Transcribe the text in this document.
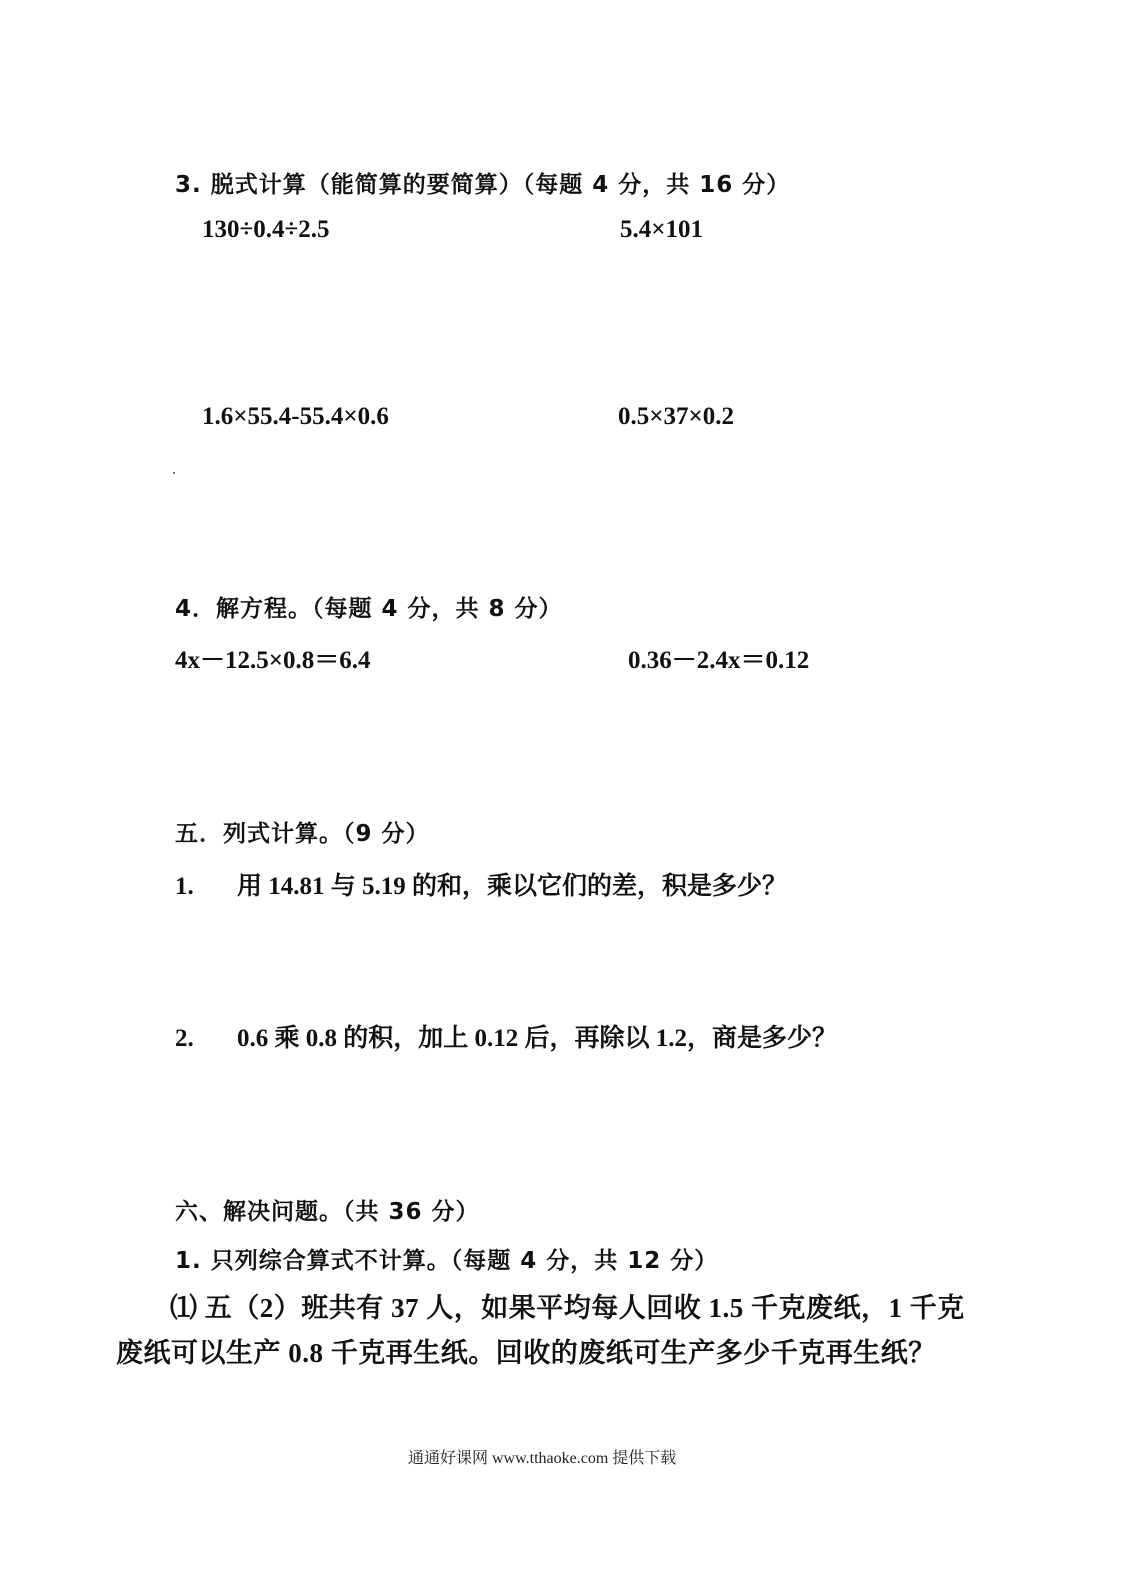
3. 脱式计算（能简算的要简算）（每题 4 分，共 16 分）
130÷0.4÷2.5	5.4×101
1.6×55.4-55.4×0.6	0.5×37×0.2
4．解方程。（每题 4 分，共 8 分）
4x－12.5×0.8＝6.4	0.36－2.4x＝0.12
五．列式计算。（9 分）
1. 用 14.81 与 5.19 的和，乘以它们的差，积是多少？
2. 0.6 乘 0.8 的积，加上 0.12 后，再除以 1.2，商是多少？
六、解决问题。（共 36 分）
1. 只列综合算式不计算。（每题 4 分，共 12 分）
⑴ 五（2）班共有 37 人，如果平均每人回收 1.5 千克废纸，1 千克
废纸可以生产 0.8 千克再生纸。回收的废纸可生产多少千克再生纸？
通通好课网 www.tthaoke.com 提供下载
